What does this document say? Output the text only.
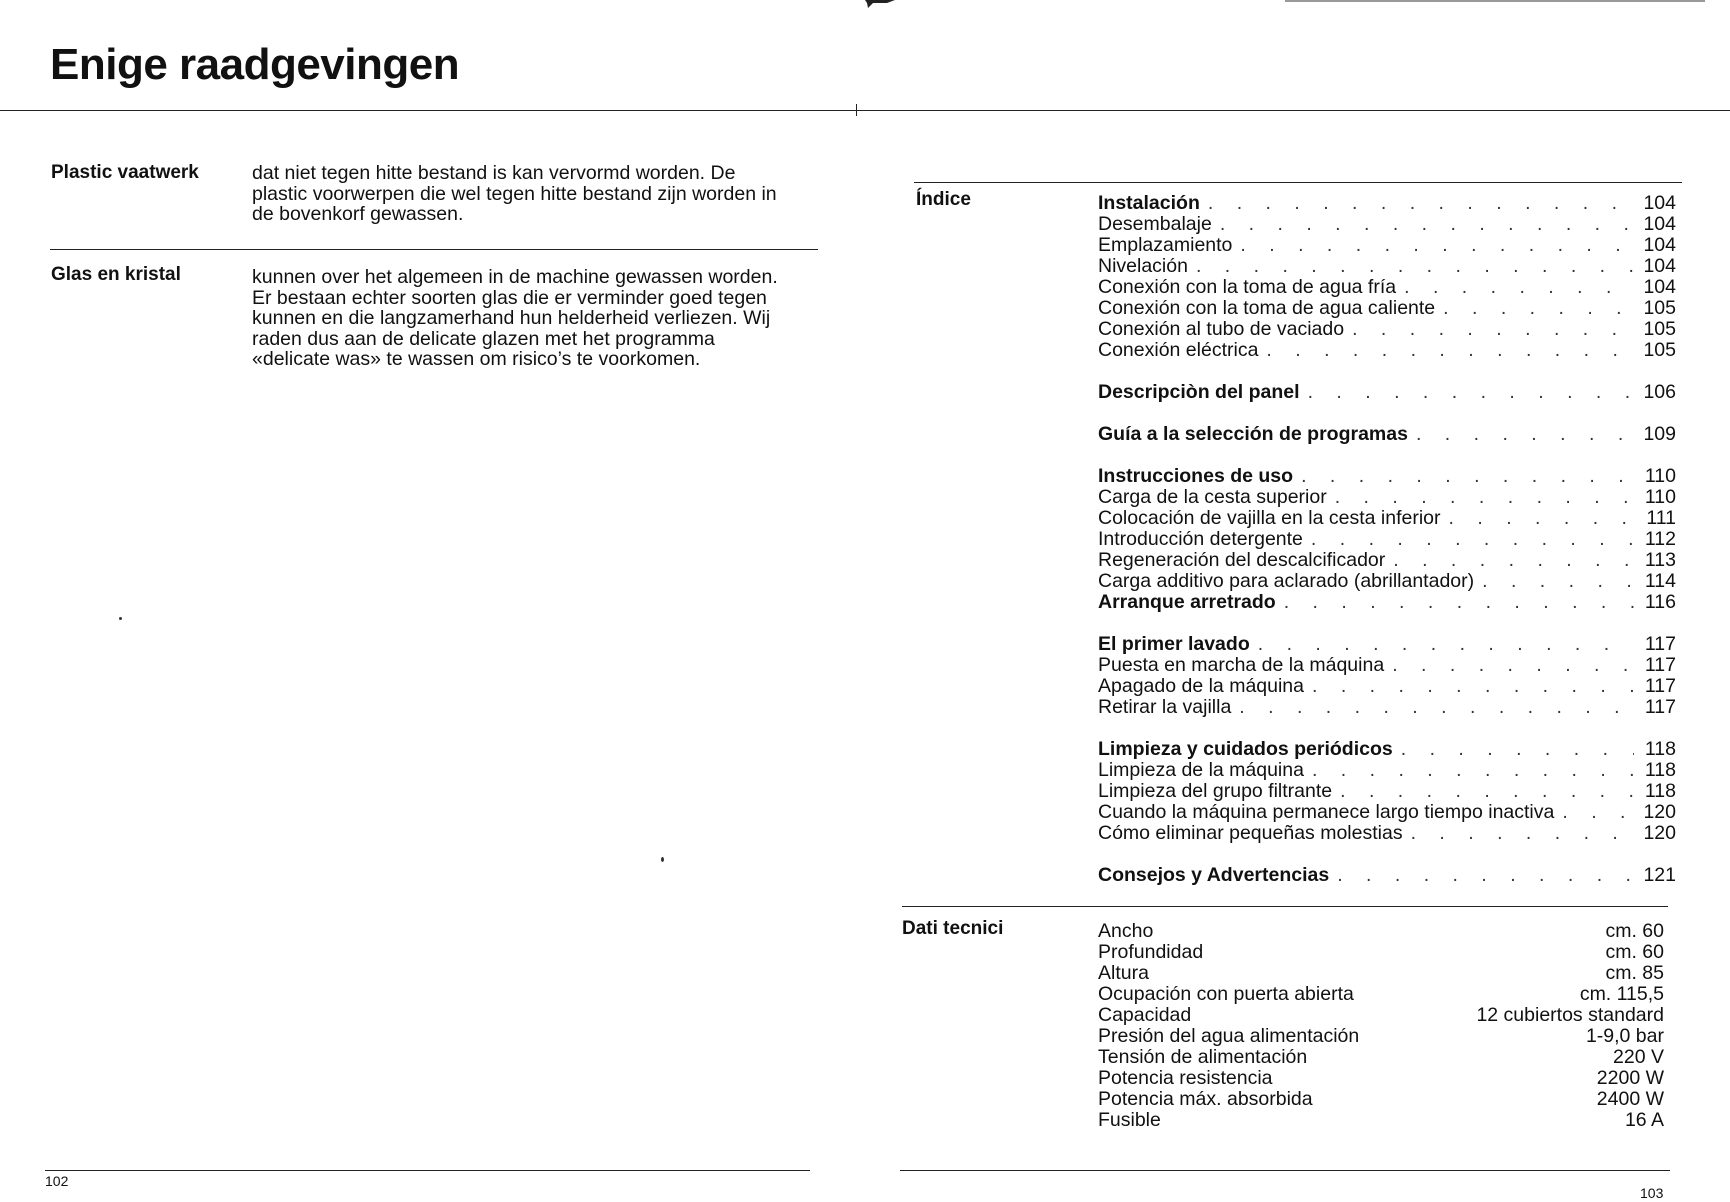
Enige raadgevingen
Plastic vaatwerk	dat niet tegen hitte bestand is kan vervormd worden. De
plastic voorwerpen die wel tegen hitte bestand zijn worden in
de bovenkorf gewassen.
Glas en kristal	kunnen over het algemeen in de machine gewassen worden.
Er bestaan echter soorten glas die er verminder goed tegen
kunnen en die langzamerhand hun helderheid verliezen. Wij
raden dus aan de delicate glazen met het programma
«delicate was» te wassen om risico’s te voorkomen.
102
Índice	Instalación . . .	104
Desembalaje . . .	104
Emplazamiento . . .	104
Nivelación . . .	104
Conexión con la toma de agua fría . . .	104
Conexión con la toma de agua caliente . . .	105
Conexión al tubo de vaciado . . .	105
Conexión eléctrica . . .	105
Descripciòn del panel . . .	106
Guía a la selección de programas . . .	109
Instrucciones de uso . . .	110
Carga de la cesta superior . . .	110
Colocación de vajilla en la cesta inferior . . .	111
Introducción detergente . . .	112
Regeneración del descalcificador . . .	113
Carga additivo para aclarado (abrillantador) . . .	114
Arranque arretrado . . .	116
El primer lavado . . .	117
Puesta en marcha de la máquina . . .	117
Apagado de la máquina . . .	117
Retirar la vajilla . . .	117
Limpieza y cuidados periódicos . . .	118
Limpieza de la máquina . . .	118
Limpieza del grupo filtrante . . .	118
Cuando la máquina permanece largo tiempo inactiva . . .	120
Cómo eliminar pequeñas molestias . . .	120
Consejos y Advertencias . . .	121
Dati tecnici	Ancho	cm. 60
Profundidad	cm. 60
Altura	cm. 85
Ocupación con puerta abierta	cm. 115,5
Capacidad	12 cubiertos standard
Presión del agua alimentación	1-9,0 bar
Tensión de alimentación	220 V
Potencia resistencia	2200 W
Potencia máx. absorbida	2400 W
Fusible	16 A
103
